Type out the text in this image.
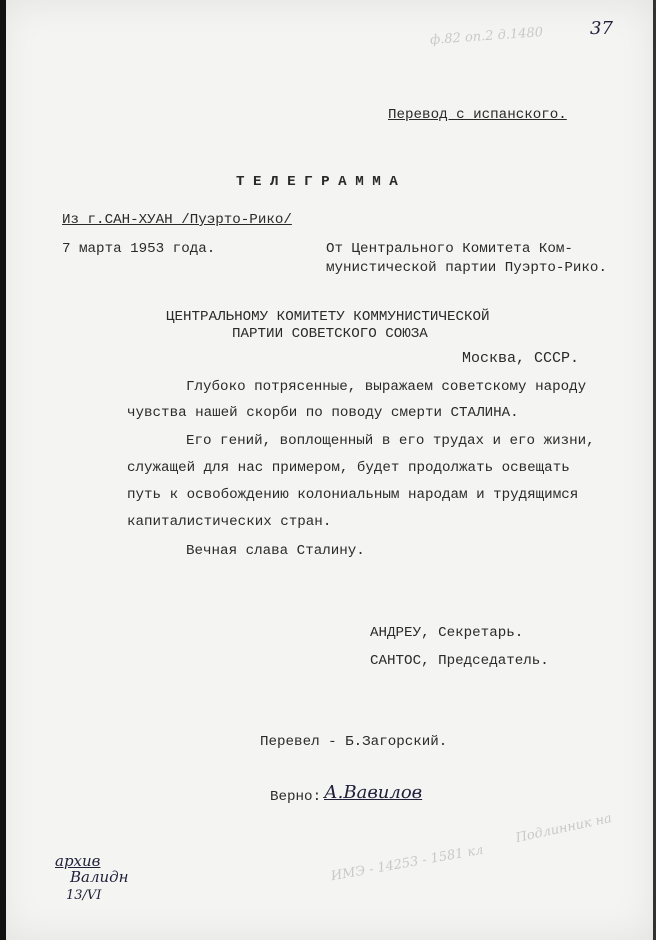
37
ф.82 оп.2 д.1480
Перевод с испанского.
Т Е Л Е Г Р А М М А
Из г.САН-ХУАН /Пуэрто-Рико/
7 марта 1953 года.	От Центрального Комитета Ком-
мунистической партии Пуэрто-Рико.
ЦЕНТРАЛЬНОМУ КОМИТЕТУ КОММУНИСТИЧЕСКОЙ
ПАРТИИ СОВЕТСКОГО СОЮЗА
Москва, СССР.
Глубоко потрясенные, выражаем советскому народу
чувства нашей скорби по поводу смерти СТАЛИНА.
Его гений, воплощенный в его трудах и его жизни,
служащей для нас примером, будет продолжать освещать
путь к освобождению колониальным народам и трудящимся
капиталистических стран.
Вечная слава Сталину.
АНДРЕУ, Секретарь.
САНТОС, Председатель.
Перевел - Б.Загорский.
Верно: А.Вавилов
Подлинник на
ИМЭ - 14253 - 1581 кл
архив
Валидн
13/VI
